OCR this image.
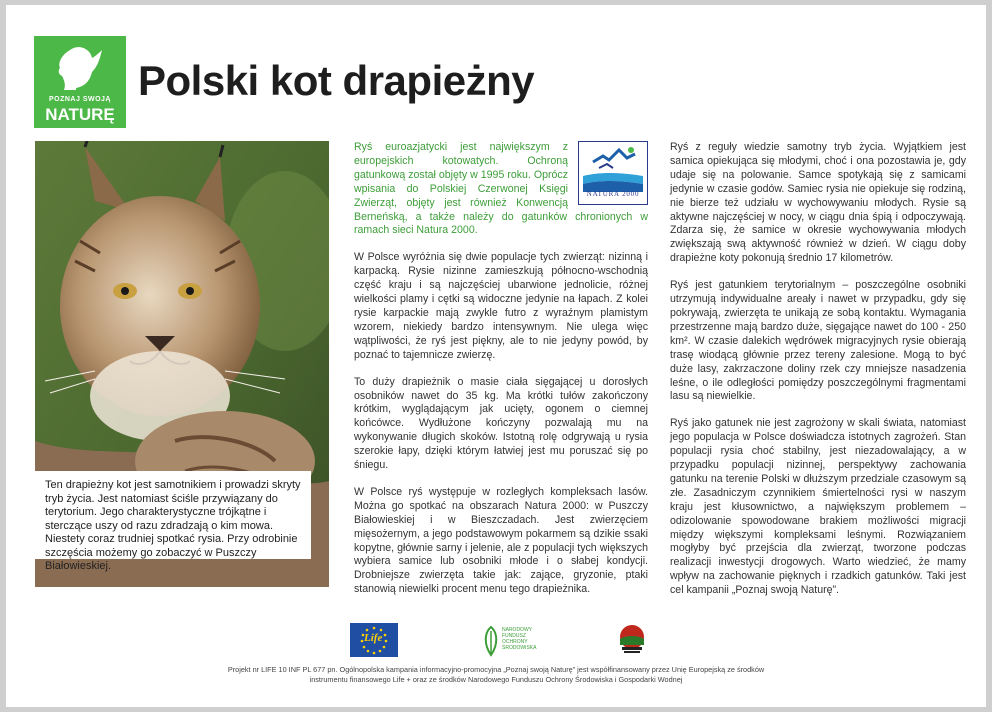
POZNAJ SWOJĄ
NATURĘ
Polski kot drapieżny
Ten drapieżny kot jest samotnikiem i prowadzi skryty tryb życia. Jest natomiast ściśle przywiązany do terytorium. Jego charakterystyczne trójkątne i sterczące uszy od razu zdradzają o kim mowa. Niestety coraz trudniej spotkać rysia. Przy odrobinie szczęścia możemy go zobaczyć w Puszczy Białowieskiej.
NATURA 2000

Ryś euroazjatycki jest największym z europejskich kotowatych. Ochroną gatunkową został objęty w 1995 roku. Oprócz wpisania do Polskiej Czerwonej Księgi Zwierząt, objęty jest również Konwencją Berneńską, a także należy do gatunków chronionych w ramach sieci Natura 2000.

W Polsce wyróżnia się dwie populacje tych zwierząt: nizinną i karpacką. Rysie nizinne zamieszkują północno-wschodnią część kraju i są najczęściej ubarwione jednolicie, różnej wielkości plamy i cętki są widoczne jedynie na łapach. Z kolei rysie karpackie mają zwykle futro z wyraźnym plamistym wzorem, niekiedy bardzo intensywnym. Nie ulega więc wątpliwości, że ryś jest piękny, ale to nie jedyny powód, by poznać to tajemnicze zwierzę.

To duży drapieżnik o masie ciała sięgającej u dorosłych osobników nawet do 35 kg. Ma krótki tułów zakończony krótkim, wyglądającym jak ucięty, ogonem o ciemnej końcówce. Wydłużone kończyny pozwalają mu na wykonywanie długich skoków. Istotną rolę odgrywają u rysia szerokie łapy, dzięki którym łatwiej jest mu poruszać się po śniegu.

W Polsce ryś występuje w rozległych kompleksach lasów. Można go spotkać na obszarach Natura 2000: w Puszczy Białowieskiej i w Bieszczadach. Jest zwierzęciem mięsożernym, a jego podstawowym pokarmem są dzikie ssaki kopytne, głównie sarny i jelenie, ale z populacji tych większych wybiera samice lub osobniki młode i o słabej kondycji. Drobniejsze zwierzęta takie jak: zające, gryzonie, ptaki stanowią niewielki procent menu tego drapieżnika.

Ryś z reguły wiedzie samotny tryb życia. Wyjątkiem jest samica opiekująca się młodymi, choć i ona pozostawia je, gdy udaje się na polowanie. Samce spotykają się z samicami jedynie w czasie godów. Samiec rysia nie opiekuje się rodziną, nie bierze też udziału w wychowywaniu młodych. Rysie są aktywne najczęściej w nocy, w ciągu dnia śpią i odpoczywają. Zdarza się, że samice w okresie wychowywania młodych zwiększają swą aktywność również w dzień. W ciągu doby drapieżne koty pokonują średnio 17 kilometrów.

Ryś jest gatunkiem terytorialnym – poszczególne osobniki utrzymują indywidualne areały i nawet w przypadku, gdy się pokrywają, zwierzęta te unikają ze sobą kontaktu. Wymagania przestrzenne mają bardzo duże, sięgające nawet do 100 - 250 km². W czasie dalekich wędrówek migracyjnych rysie obierają trasę wiodącą głównie przez tereny zalesione. Mogą to być duże lasy, zakrzaczone doliny rzek czy mniejsze nasadzenia leśne, o ile odległości pomiędzy poszczególnymi fragmentami lasu są niewielkie.

Ryś jako gatunek nie jest zagrożony w skali świata, natomiast jego populacja w Polsce doświadcza istotnych zagrożeń. Stan populacji rysia choć stabilny, jest niezadowalający, a w przypadku populacji nizinnej, perspektywy zachowania gatunku na terenie Polski w dłuższym przedziale czasowym są złe. Zasadniczym czynnikiem śmiertelności rysi w naszym kraju jest kłusownictwo, a największym problemem – odizolowanie spowodowane brakiem możliwości migracji między większymi kompleksami leśnymi. Rozwiązaniem mogłyby być przejścia dla zwierząt, tworzone podczas realizacji inwestycji drogowych. Warto wiedzieć, że mamy wpływ na zachowanie pięknych i rzadkich gatunków. Taki jest cel kampanii „Poznaj swoją Naturę”.

Life
NARODOWY FUNDUSZ OCHRONY ŚRODOWISKA
Projekt nr LIFE 10 INF PL 677 pn. Ogólnopolska kampania informacyjno-promocyjna „Poznaj swoją Naturę” jest współfinansowany przez Unię Europejską ze środków
instrumentu finansowego Life + oraz ze środków Narodowego Funduszu Ochrony Środowiska i Gospodarki Wodnej
